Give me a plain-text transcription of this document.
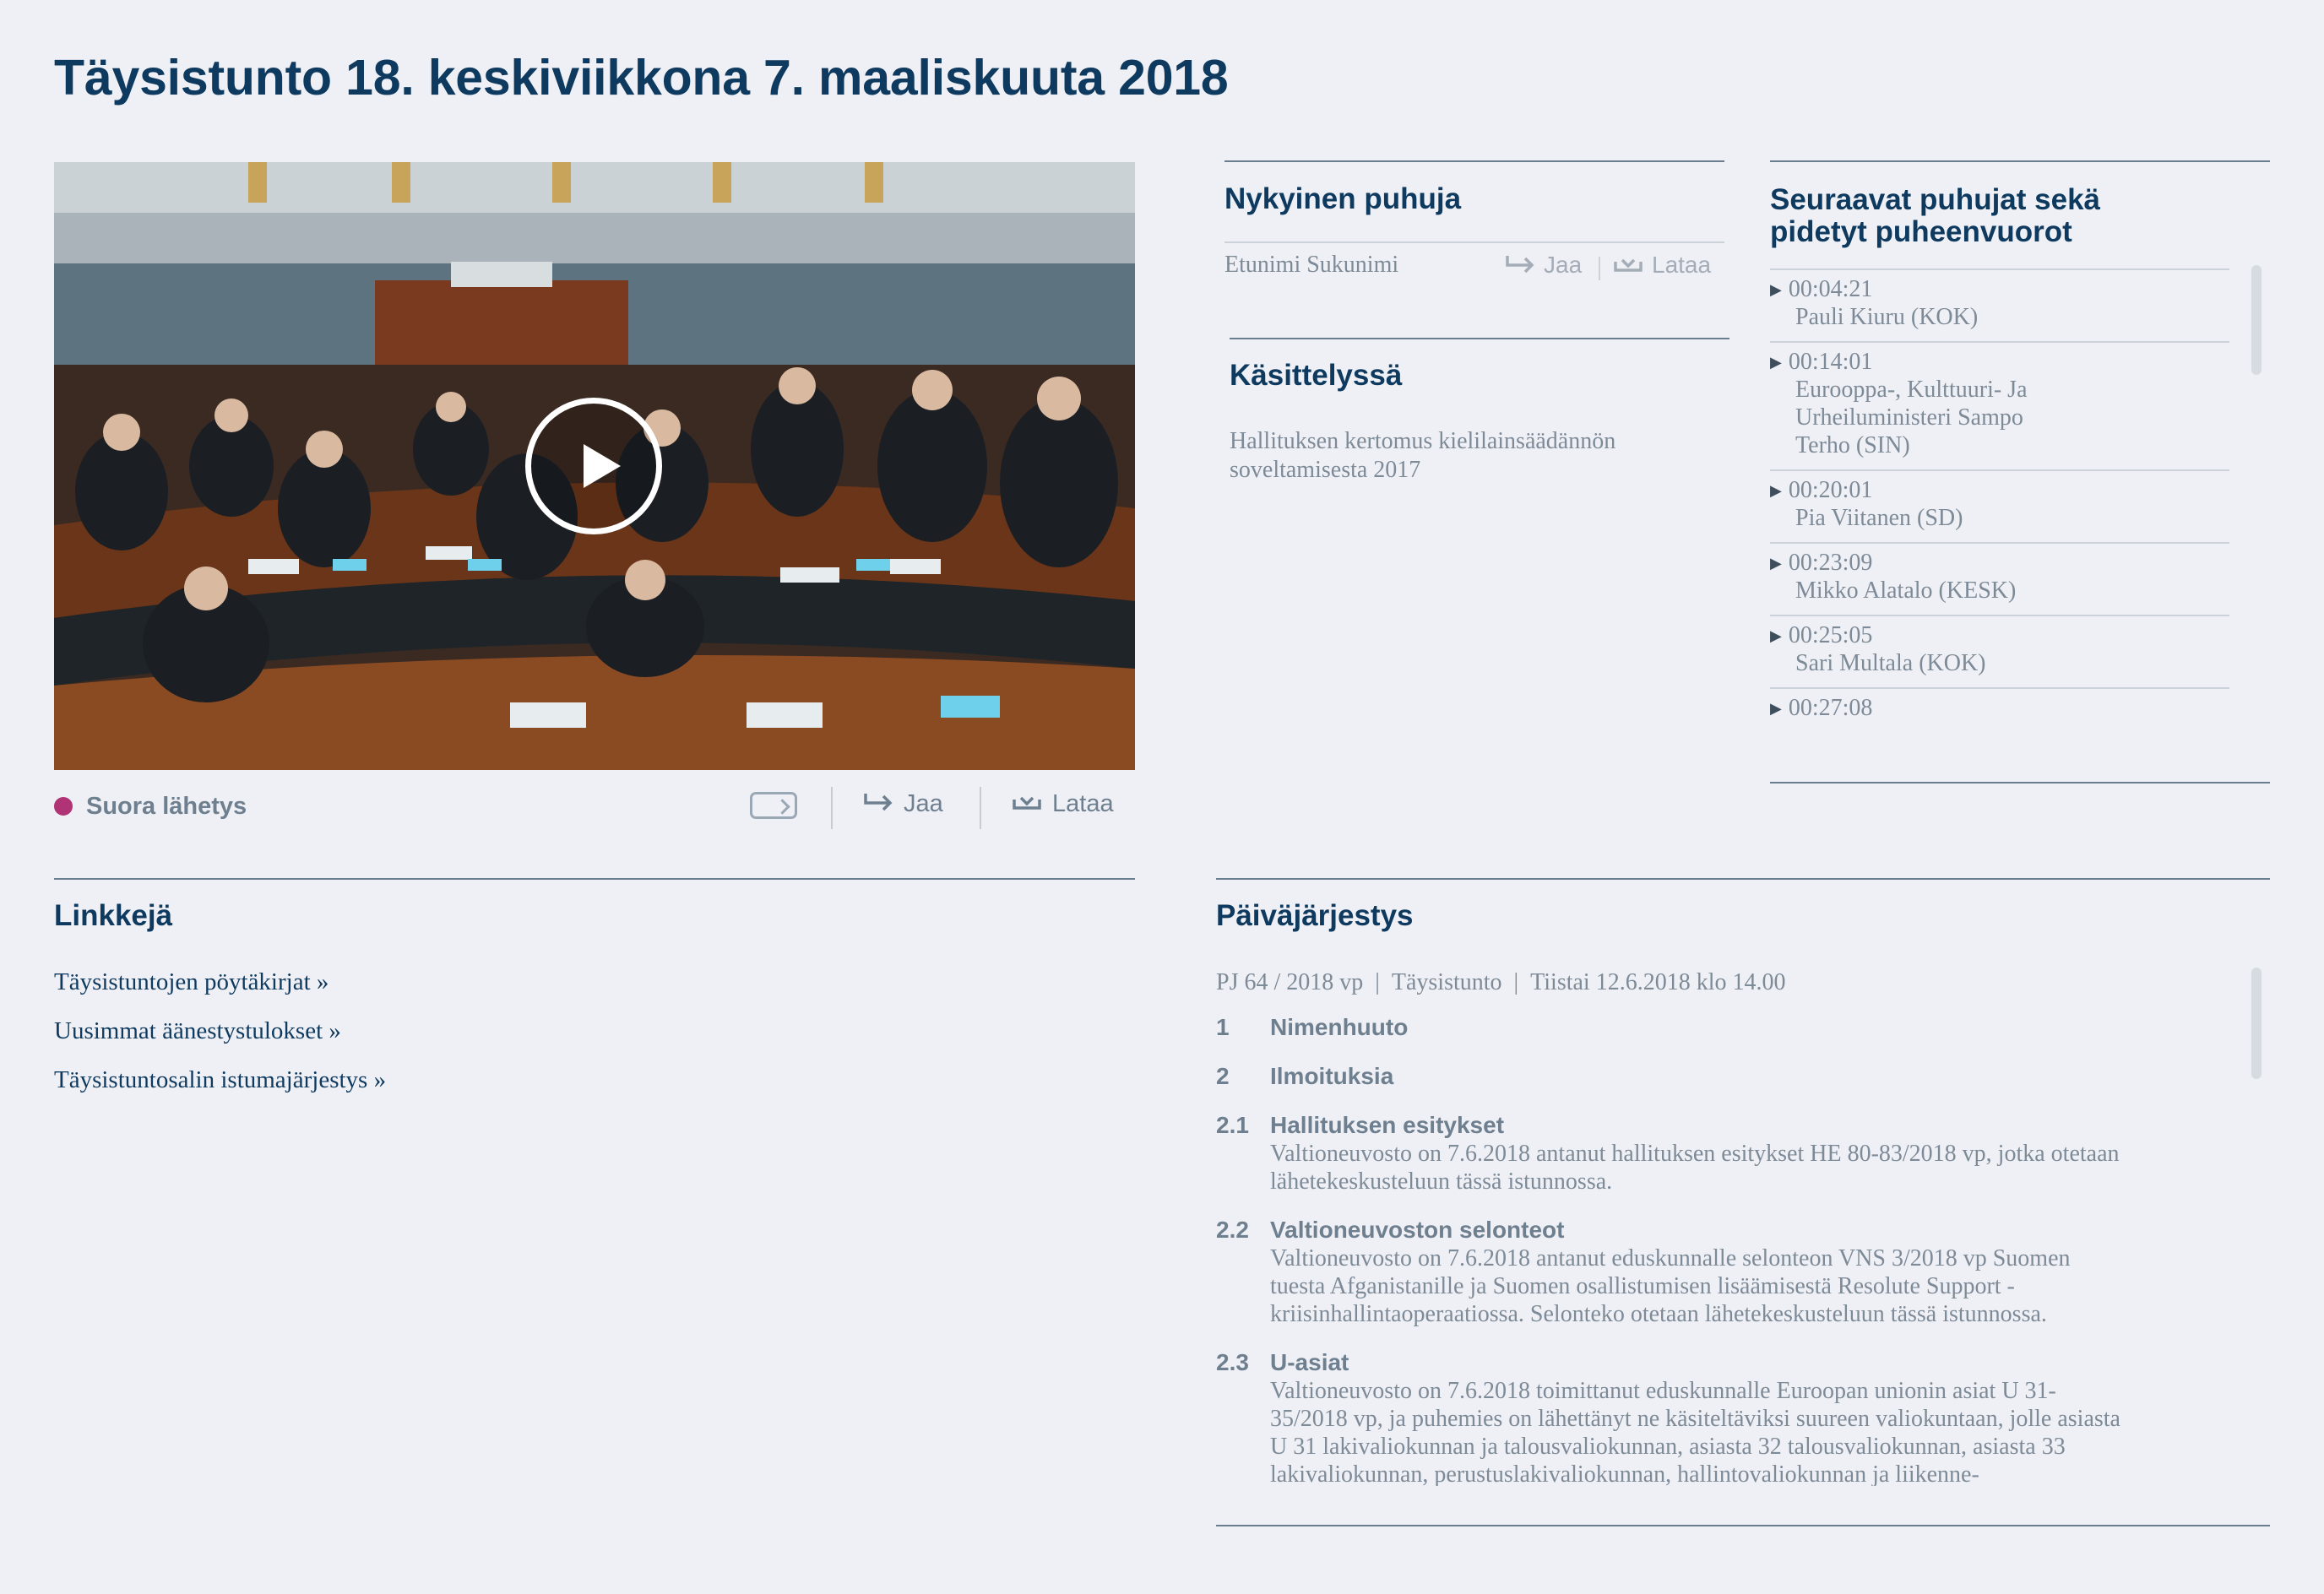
Täysistunto 18. keskiviikkona 7. maaliskuuta 2018
Suora lähetys	Jaa	Lataa
Nykyinen puhuja
Etunimi Sukunimi	Jaa	Lataa
Käsittelyssä
Hallituksen kertomus kielilainsäädännön soveltamisesta 2017
Seuraavat puhujat sekä
pidetyt puheenvuorot
▶ 00:04:21
Pauli Kiuru (KOK)
▶ 00:14:01
Eurooppa-, Kulttuuri- Ja Urheiluministeri Sampo Terho (SIN)
▶ 00:20:01
Pia Viitanen (SD)
▶ 00:23:09
Mikko Alatalo (KESK)
▶ 00:25:05
Sari Multala (KOK)
▶ 00:27:08
Linkkejä
Täysistuntojen pöytäkirjat »
Uusimmat äänestystulokset »
Täysistuntosalin istumajärjestys »
Päiväjärjestys
PJ 64 / 2018 vp | Täysistunto | Tiistai 12.6.2018 klo 14.00
1 Nimenhuuto
2 Ilmoituksia
2.1 Hallituksen esitykset
Valtioneuvosto on 7.6.2018 antanut hallituksen esitykset HE 80-83/2018 vp, jotka otetaan lähetekeskusteluun tässä istunnossa.
2.2 Valtioneuvoston selonteot
Valtioneuvosto on 7.6.2018 antanut eduskunnalle selonteon VNS 3/2018 vp Suomen tuesta Afganistanille ja Suomen osallistumisen lisäämisestä Resolute Support -kriisinhallintaoperaatiossa. Selonteko otetaan lähetekeskusteluun tässä istunnossa.
2.3 U-asiat
Valtioneuvosto on 7.6.2018 toimittanut eduskunnalle Euroopan unionin asiat U 31-35/2018 vp, ja puhemies on lähettänyt ne käsiteltäviksi suureen valiokuntaan, jolle asiasta U 31 lakivaliokunnan ja talousvaliokunnan, asiasta 32 talousvaliokunnan, asiasta 33 lakivaliokunnan, perustuslakivaliokunnan, hallintovaliokunnan ja liikenne-
